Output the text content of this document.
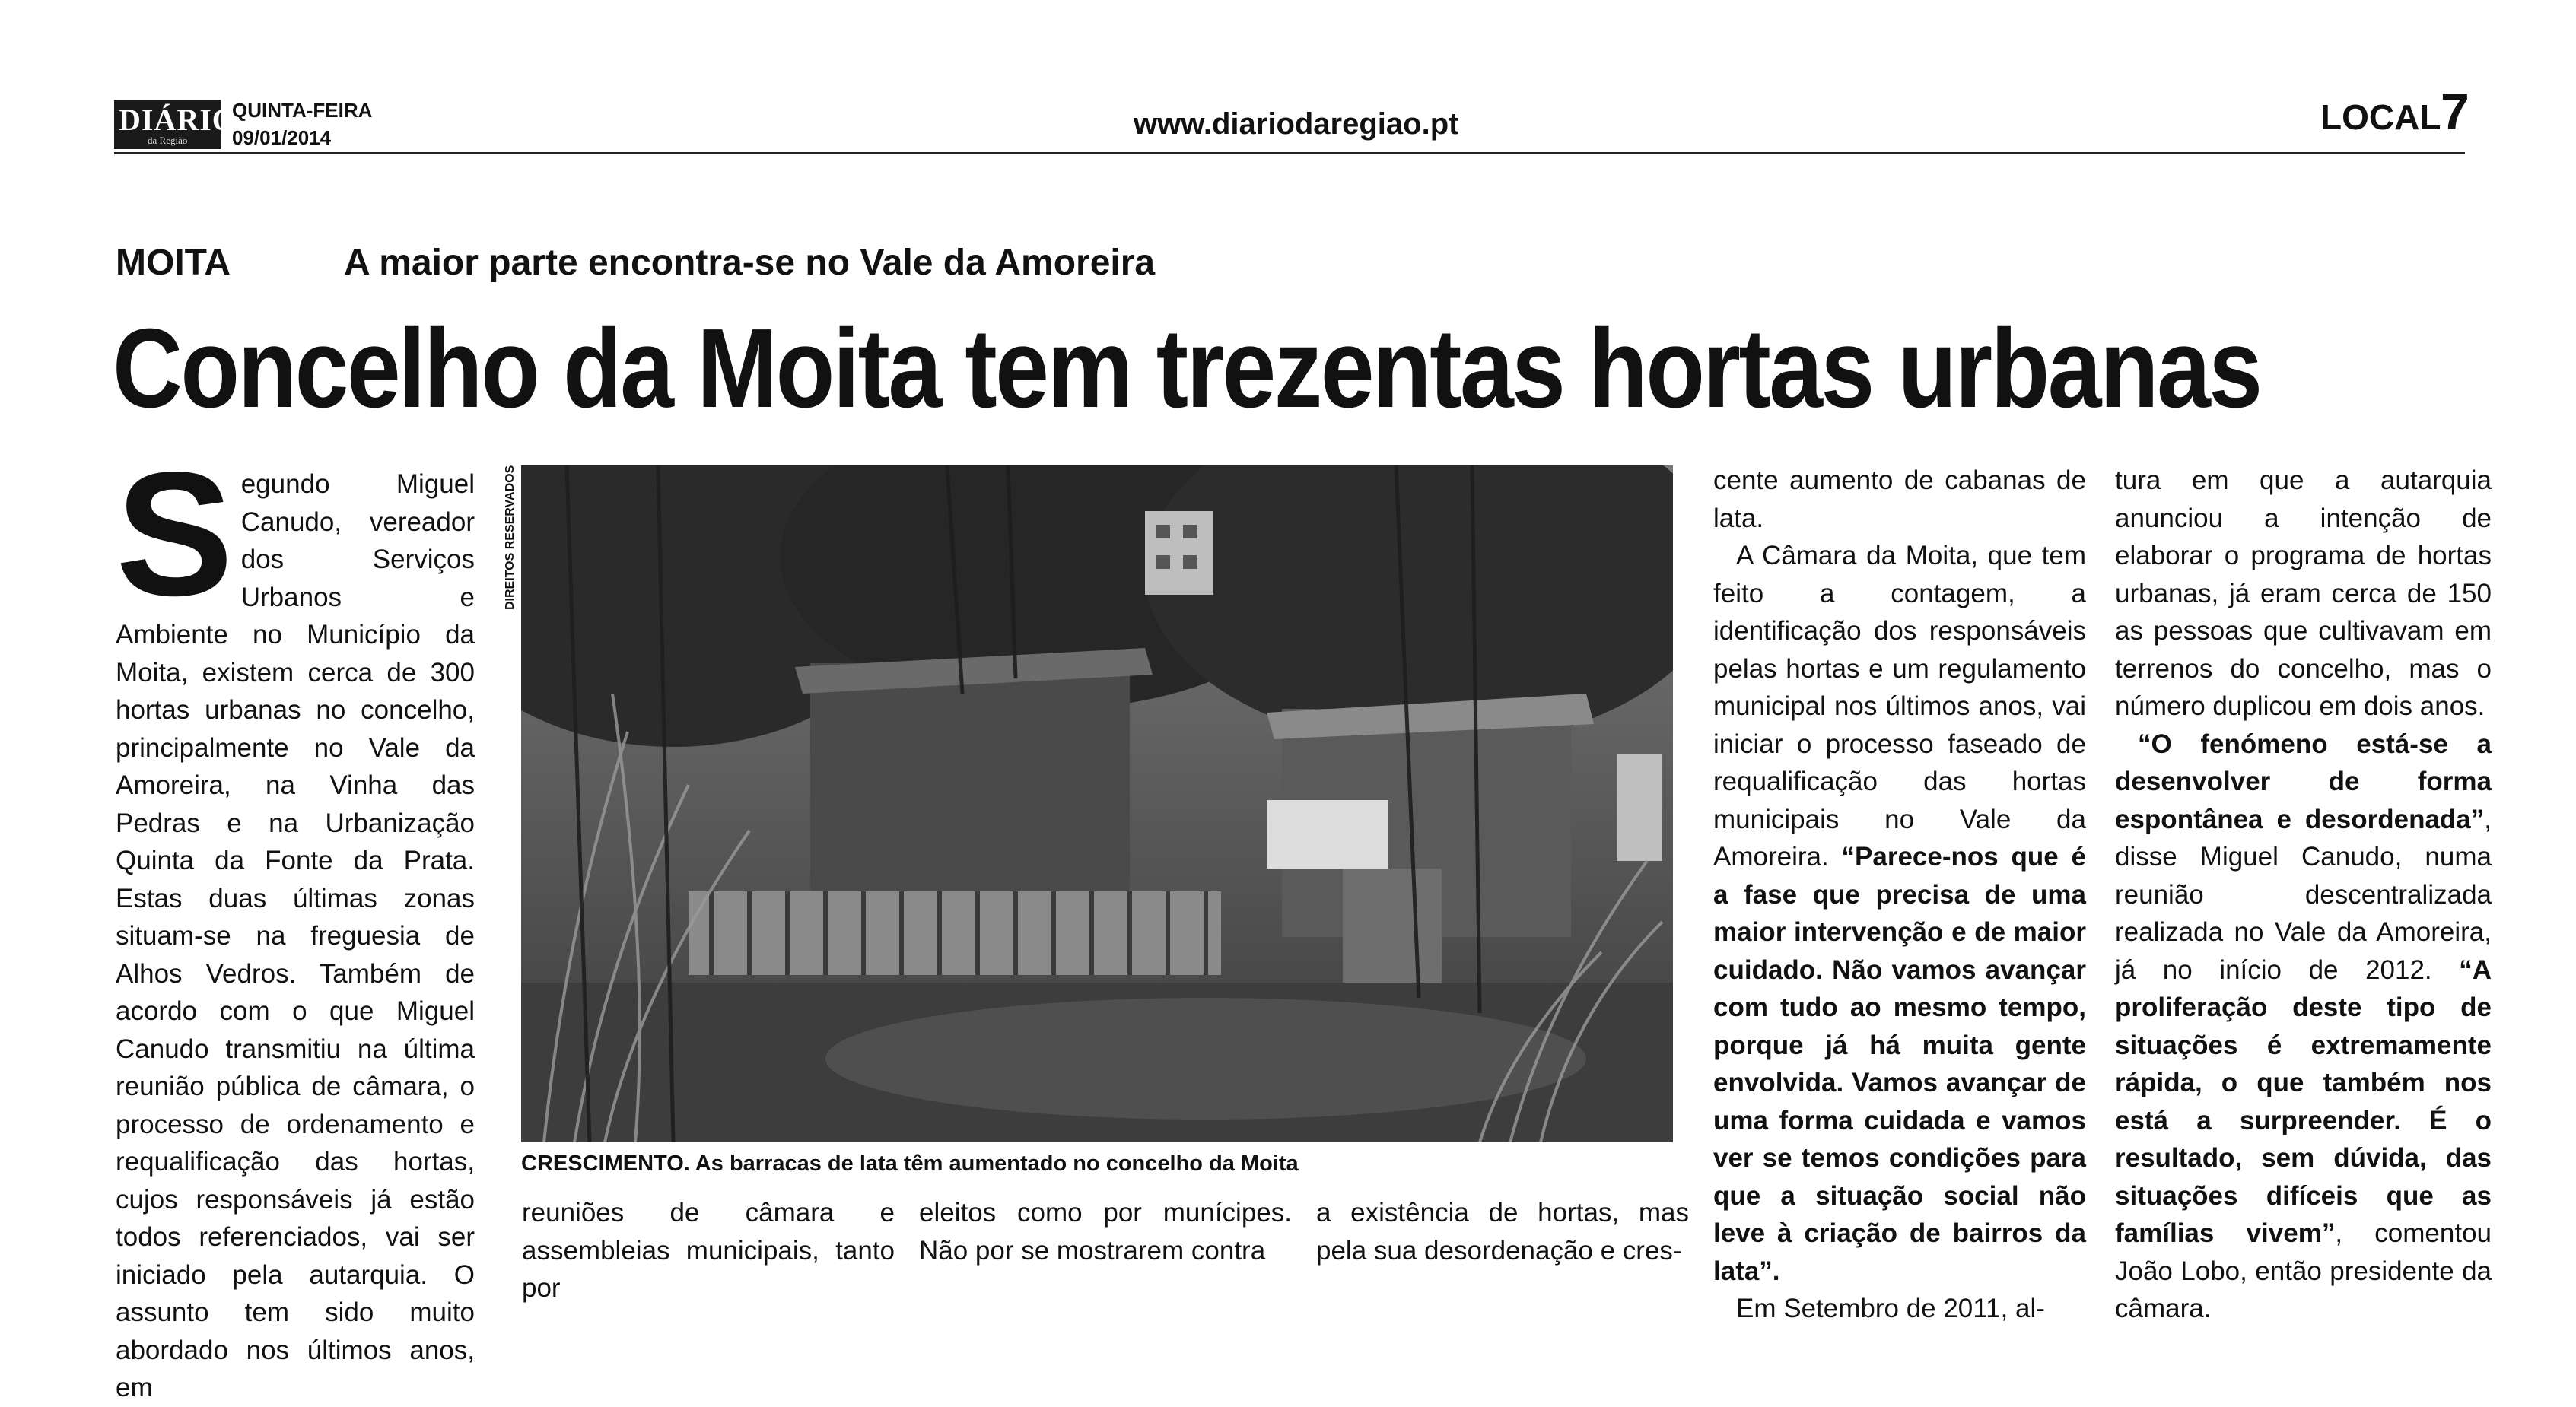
DIÁRIO
da Região
QUINTA-FEIRA
09/01/2014	www.diariodaregiao.pt	LOCAL 7
MOITA	A maior parte encontra-se no Vale da Amoreira
Concelho da Moita tem trezentas hortas urbanas
Segundo Miguel Canudo, vereador dos Serviços Urbanos e Ambiente no Município da Moita, existem cerca de 300 hortas urbanas no concelho, principalmente no Vale da Amoreira, na Vinha das Pedras e na Urbanização Quinta da Fonte da Prata. Estas duas últimas zonas situam-se na freguesia de Alhos Vedros. Também de acordo com o que Miguel Canudo transmitiu na última reunião pública de câmara, o processo de ordenamento e requalificação das hortas, cujos responsáveis já estão todos referenciados, vai ser iniciado pela autarquia. O assunto tem sido muito abordado nos últimos anos, em
DIREITOS RESERVADOS
CRESCIMENTO. As barracas de lata têm aumentado no concelho da Moita
reuniões de câmara e assembleias municipais, tanto por
eleitos como por munícipes. Não por se mostrarem contra
a existência de hortas, mas pela sua desordenação e cres-
cente aumento de cabanas de lata.
A Câmara da Moita, que tem feito a contagem, a identificação dos responsáveis pelas hortas e um regulamento municipal nos últimos anos, vai iniciar o processo faseado de requalificação das hortas municipais no Vale da Amoreira. “Parece-nos que é a fase que precisa de uma maior intervenção e de maior cuidado. Não vamos avançar com tudo ao mesmo tempo, porque já há muita gente envolvida. Vamos avançar de uma forma cuidada e vamos ver se temos condições para que a situação social não leve à criação de bairros da lata”.
Em Setembro de 2011, al-
tura em que a autarquia anunciou a intenção de elaborar o programa de hortas urbanas, já eram cerca de 150 as pessoas que cultivavam em terrenos do concelho, mas o número duplicou em dois anos.
“O fenómeno está-se a desenvolver de forma espontânea e desordenada”, disse Miguel Canudo, numa reunião descentralizada realizada no Vale da Amoreira, já no início de 2012. “A proliferação deste tipo de situações é extremamente rápida, o que também nos está a surpreender. É o resultado, sem dúvida, das situações difíceis que as famílias vivem”, comentou João Lobo, então presidente da câmara.
